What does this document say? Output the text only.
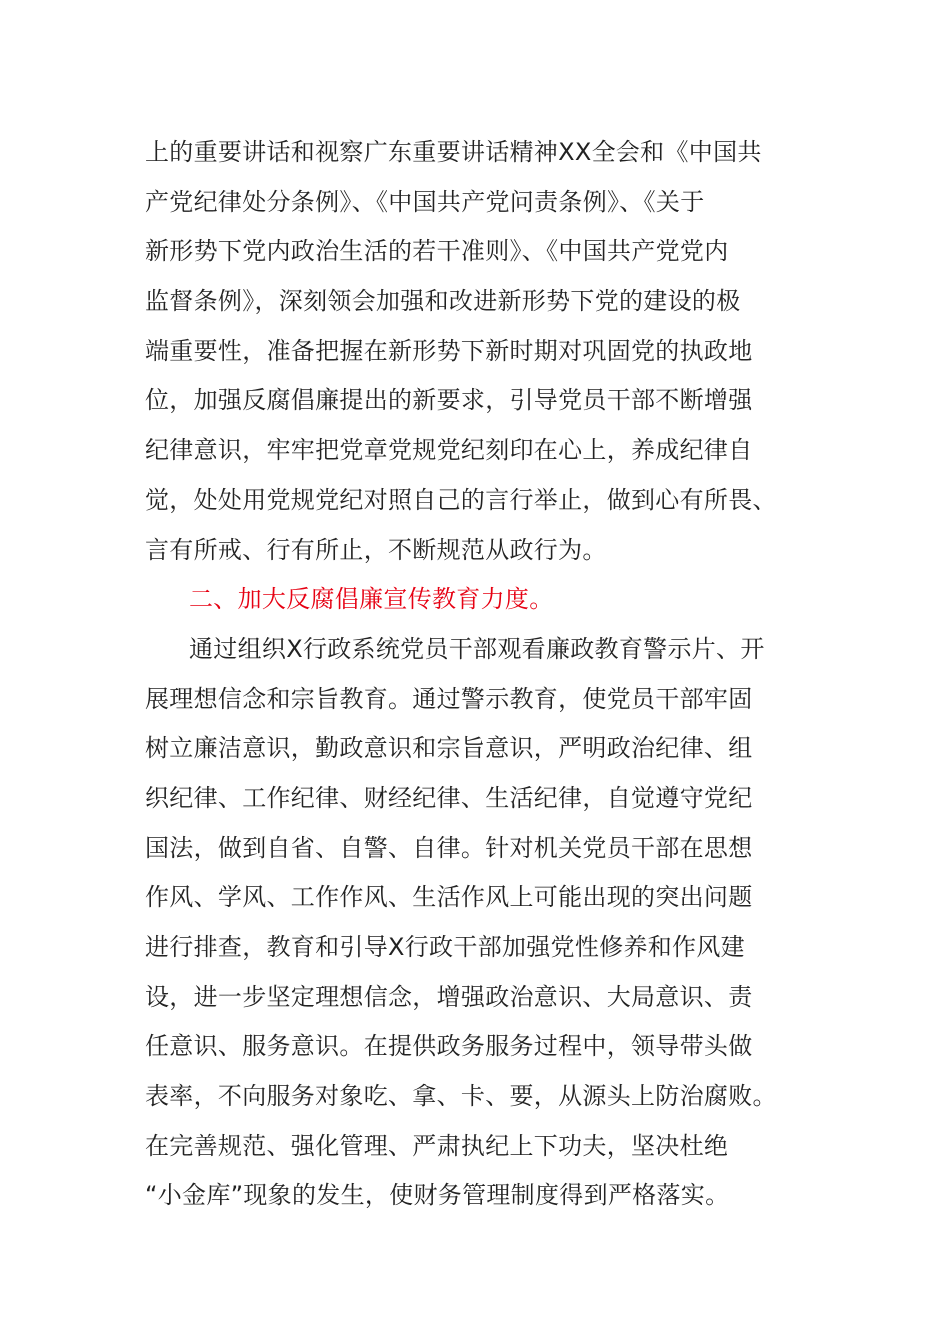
上的重要讲话和视察广东重要讲话精神XX全会和《中国共
产党纪律处分条例》、《中国共产党问责条例》、《关于
新形势下党内政治生活的若干准则》、《中国共产党党内
监督条例》，深刻领会加强和改进新形势下党的建设的极
端重要性，准备把握在新形势下新时期对巩固党的执政地
位，加强反腐倡廉提出的新要求，引导党员干部不断增强
纪律意识，牢牢把党章党规党纪刻印在心上，养成纪律自
觉，处处用党规党纪对照自己的言行举止，做到心有所畏、
言有所戒、行有所止，不断规范从政行为。
二、加大反腐倡廉宣传教育力度。
通过组织X行政系统党员干部观看廉政教育警示片、开
展理想信念和宗旨教育。通过警示教育，使党员干部牢固
树立廉洁意识，勤政意识和宗旨意识，严明政治纪律、组
织纪律、工作纪律、财经纪律、生活纪律，自觉遵守党纪
国法，做到自省、自警、自律。针对机关党员干部在思想
作风、学风、工作作风、生活作风上可能出现的突出问题
进行排查，教育和引导X行政干部加强党性修养和作风建
设，进一步坚定理想信念，增强政治意识、大局意识、责
任意识、服务意识。在提供政务服务过程中，领导带头做
表率，不向服务对象吃、拿、卡、要，从源头上防治腐败。
在完善规范、强化管理、严肃执纪上下功夫，坚决杜绝
“小金库”现象的发生，使财务管理制度得到严格落实。
